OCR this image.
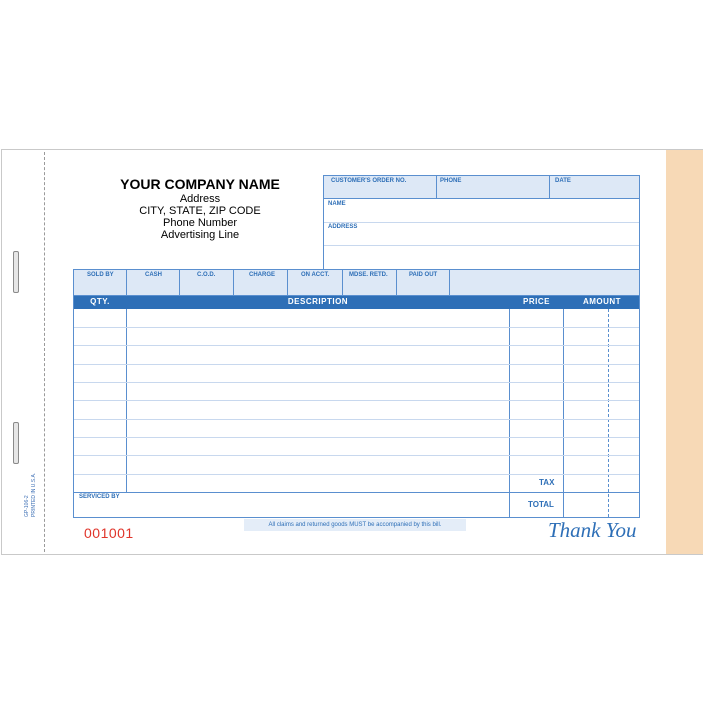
GP-106-2 PRINTED IN U.S.A.
YOUR COMPANY NAME
Address
CITY, STATE, ZIP CODE
Phone Number
Advertising Line
CUSTOMER'S ORDER NO.	PHONE	DATE
NAME
ADDRESS
SOLD BY	CASH	C.O.D.	CHARGE	ON ACCT.	MDSE. RETD.	PAID OUT
QTY.	DESCRIPTION	PRICE	AMOUNT
TAX
TOTAL
SERVICED BY
001001	All claims and returned goods MUST be accompanied by this bill.	Thank You
